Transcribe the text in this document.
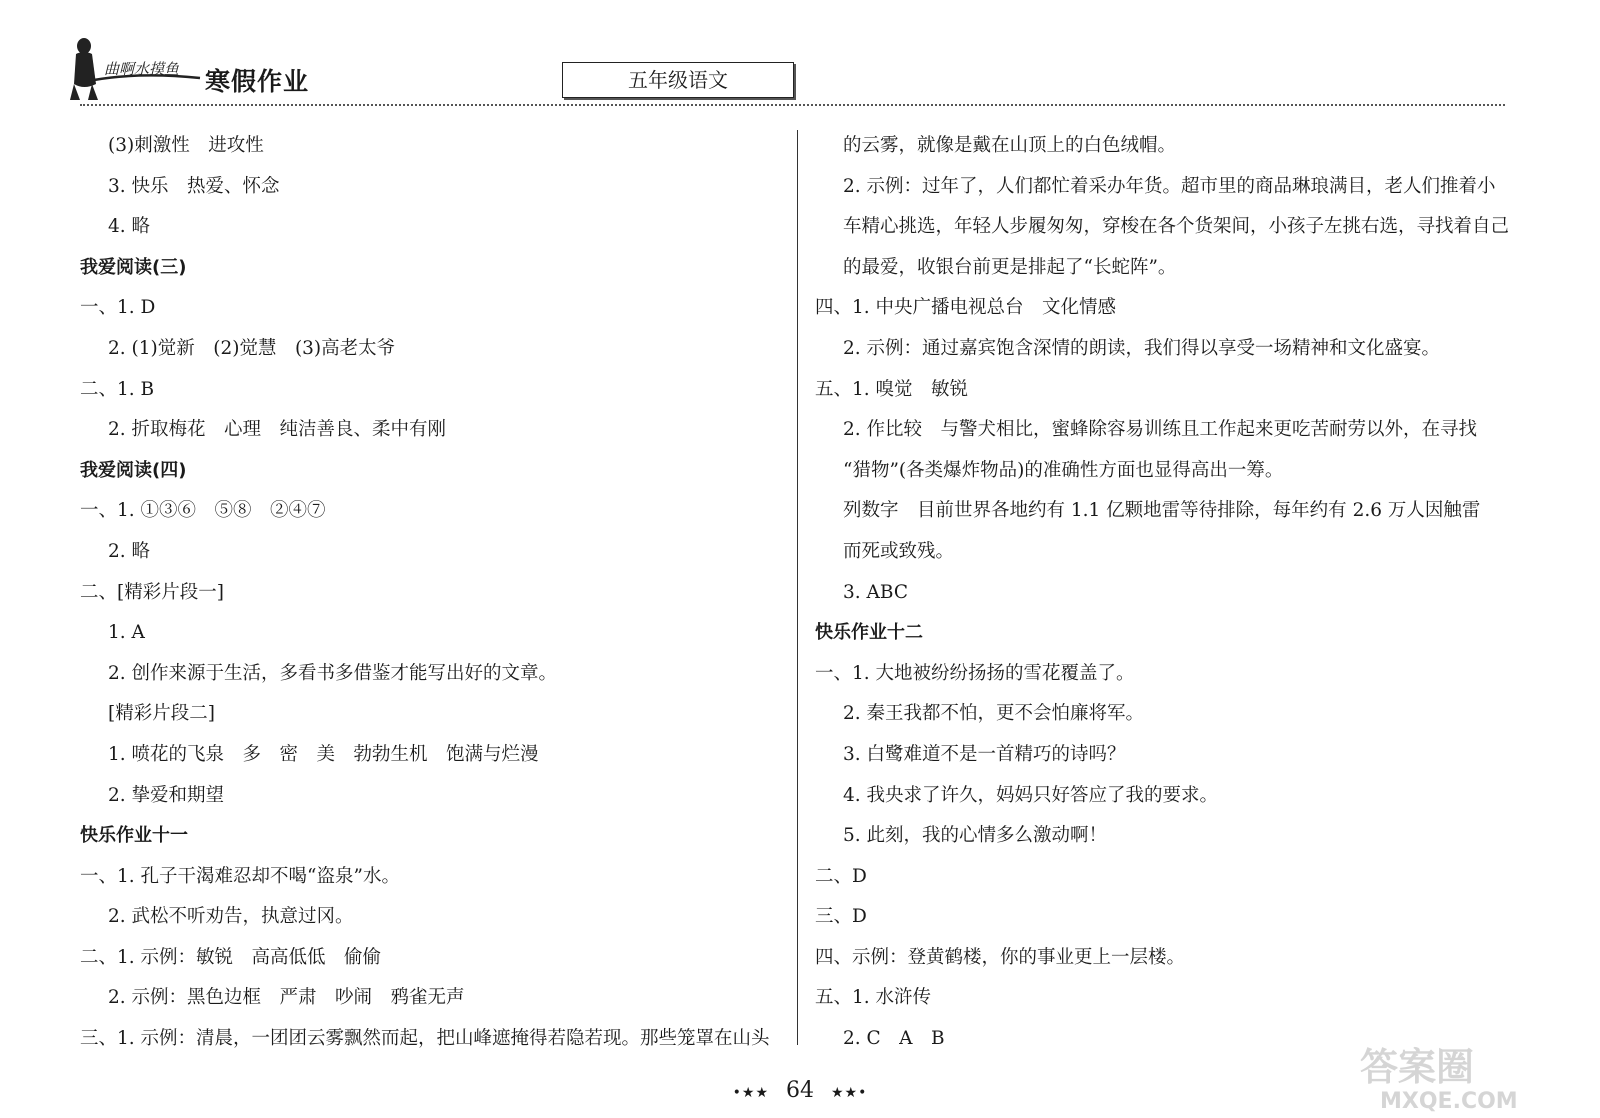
曲啊水摸鱼 寒假作业	五年级语文
(3)刺激性　进攻性
3. 快乐　热爱、怀念
4. 略
我爱阅读(三)
一、1. D
2. (1)觉新　(2)觉慧　(3)高老太爷
二、1. B
2. 折取梅花　心理　纯洁善良、柔中有刚
我爱阅读(四)
一、1. ①③⑥　⑤⑧　②④⑦
2. 略
二、[精彩片段一]
1. A
2. 创作来源于生活，多看书多借鉴才能写出好的文章。
[精彩片段二]
1. 喷花的飞泉　多　密　美　勃勃生机　饱满与烂漫
2. 挚爱和期望
快乐作业十一
一、1. 孔子干渴难忍却不喝“盗泉”水。
2. 武松不听劝告，执意过冈。
二、1. 示例：敏锐　高高低低　偷偷
2. 示例：黑色边框　严肃　吵闹　鸦雀无声
三、1. 示例：清晨，一团团云雾飘然而起，把山峰遮掩得若隐若现。那些笼罩在山头
的云雾，就像是戴在山顶上的白色绒帽。
2. 示例：过年了，人们都忙着采办年货。超市里的商品琳琅满目，老人们推着小
车精心挑选，年轻人步履匆匆，穿梭在各个货架间，小孩子左挑右选，寻找着自己
的最爱，收银台前更是排起了“长蛇阵”。
四、1. 中央广播电视总台　文化情感
2. 示例：通过嘉宾饱含深情的朗读，我们得以享受一场精神和文化盛宴。
五、1. 嗅觉　敏锐
2. 作比较　与警犬相比，蜜蜂除容易训练且工作起来更吃苦耐劳以外，在寻找
“猎物”(各类爆炸物品)的准确性方面也显得高出一筹。
列数字　目前世界各地约有 1.1 亿颗地雷等待排除，每年约有 2.6 万人因触雷
而死或致残。
3. ABC
快乐作业十二
一、1. 大地被纷纷扬扬的雪花覆盖了。
2. 秦王我都不怕，更不会怕廉将军。
3. 白鹭难道不是一首精巧的诗吗？
4. 我央求了许久，妈妈只好答应了我的要求。
5. 此刻，我的心情多么激动啊！
二、D
三、D
四、示例：登黄鹤楼，你的事业更上一层楼。
五、1. 水浒传
2. C　A　B
•★★ 64 ★★•
答案圈
MXQE.COM
